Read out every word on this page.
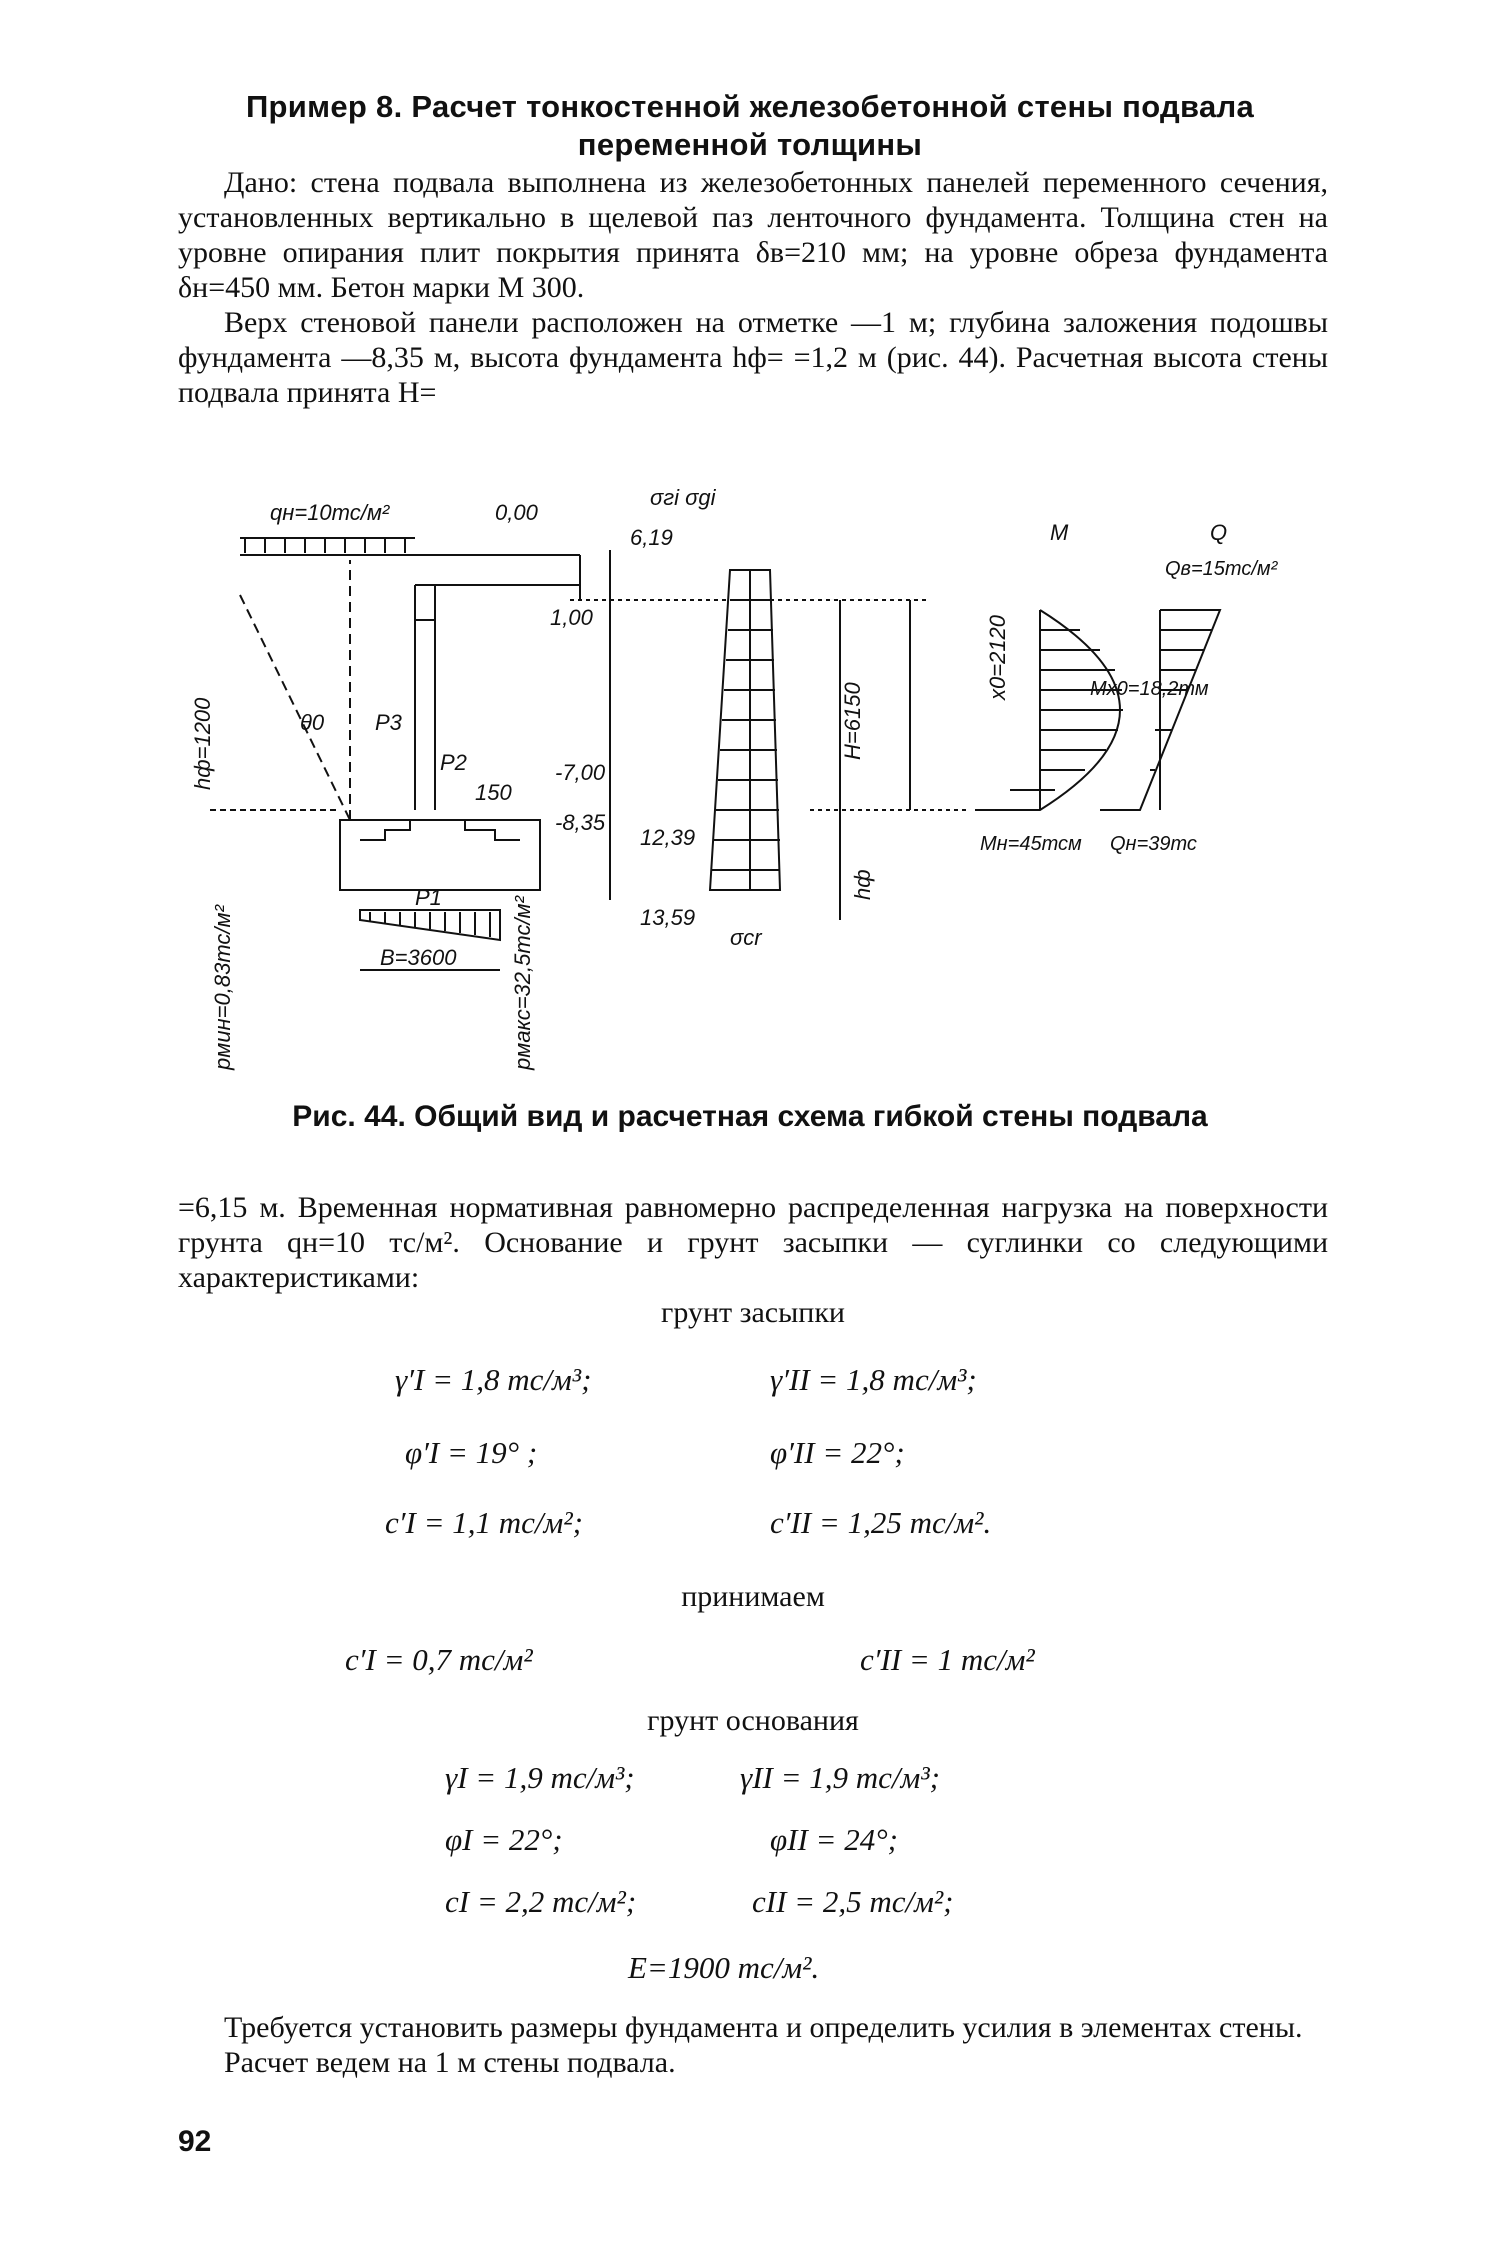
Пример 8. Расчет тонкостенной железобетонной стены подвала
переменной толщины

Дано: стена подвала выполнена из железобетонных панелей переменного сечения, установленных вертикально в щелевой паз ленточного фундамента. Толщина стен на уровне опирания плит покрытия принята δв=210 мм; на уровне обреза фундамента δн=450 мм. Бетон марки М 300.

Верх стеновой панели расположен на отметке —1 м; глубина заложения подошвы фундамента —8,35 м, высота фундамента hф= =1,2 м (рис. 44). Расчетная высота стены подвала принята H=

qн=10тс/м²	0,00
1,00
-7,00
-8,35
θ0 P3
P2
150
P1
hф=1200
pмин=0,83тс/м²	pмакс=32,5тс/м²
B=3600
σгi σgi
6,19
12,39
13,59
σcr
H=6150
hф
M	Q
Qв=15тс/м²
x0=2120	Mx0=18,2тм
Mн=45тсм Qн=39тс
Рис. 44. Общий вид и расчетная схема гибкой стены подвала

=6,15 м. Временная нормативная равномерно распределенная нагрузка на поверхности грунта qн=10 тс/м². Основание и грунт засыпки — суглинки со следующими характеристиками:

грунт засыпки
γ′I = 1,8 тс/м³;	γ′II = 1,8 тс/м³;
φ′I = 19° ;	φ′II = 22°;
c′I = 1,1 тс/м²;	c′II = 1,25 тс/м².
принимаем
c′I = 0,7 тс/м²	c′II = 1 тс/м²
грунт основания
γI = 1,9 тс/м³;	γII = 1,9 тс/м³;
φI = 22°;	φII = 24°;
cI = 2,2 тс/м²;	cII = 2,5 тс/м²;
E=1900 тс/м².

Требуется установить размеры фундамента и определить усилия в элементах стены.

Расчет ведем на 1 м стены подвала.

92
